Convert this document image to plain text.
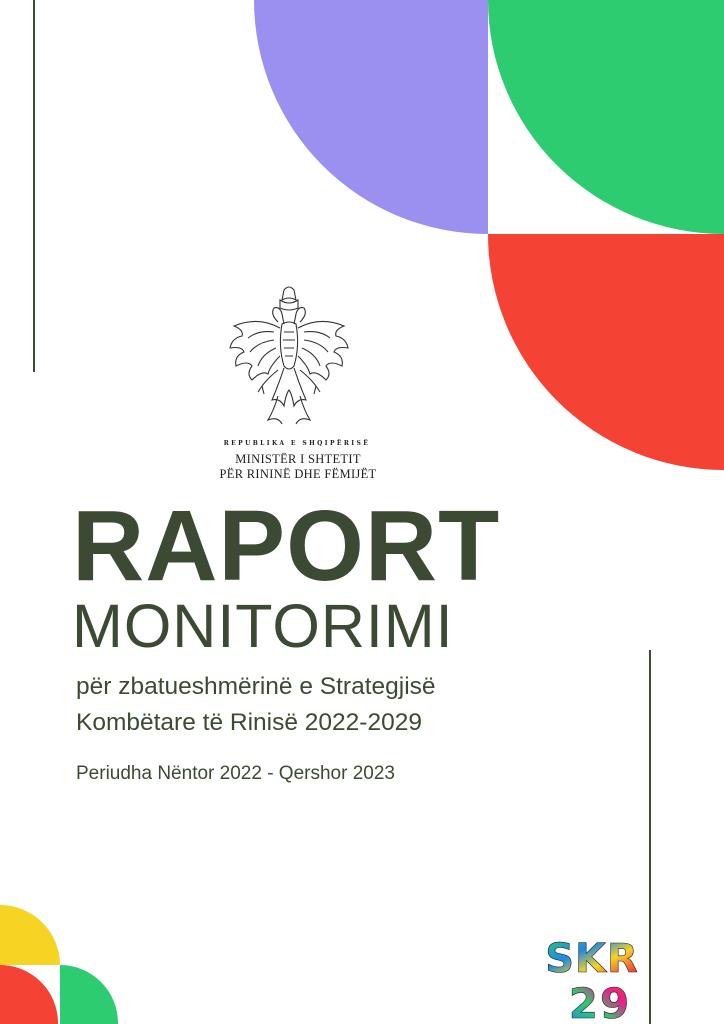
REPUBLIKA E SHQIPËRISË
MINISTËR I SHTETIT
PËR RININË DHE FËMIJËT
RAPORT
MONITORIMI
për zbatueshmërinë e Strategjisë
Kombëtare të Rinisë 2022-2029
Periudha Nëntor 2022 - Qershor 2023
SKR
29
